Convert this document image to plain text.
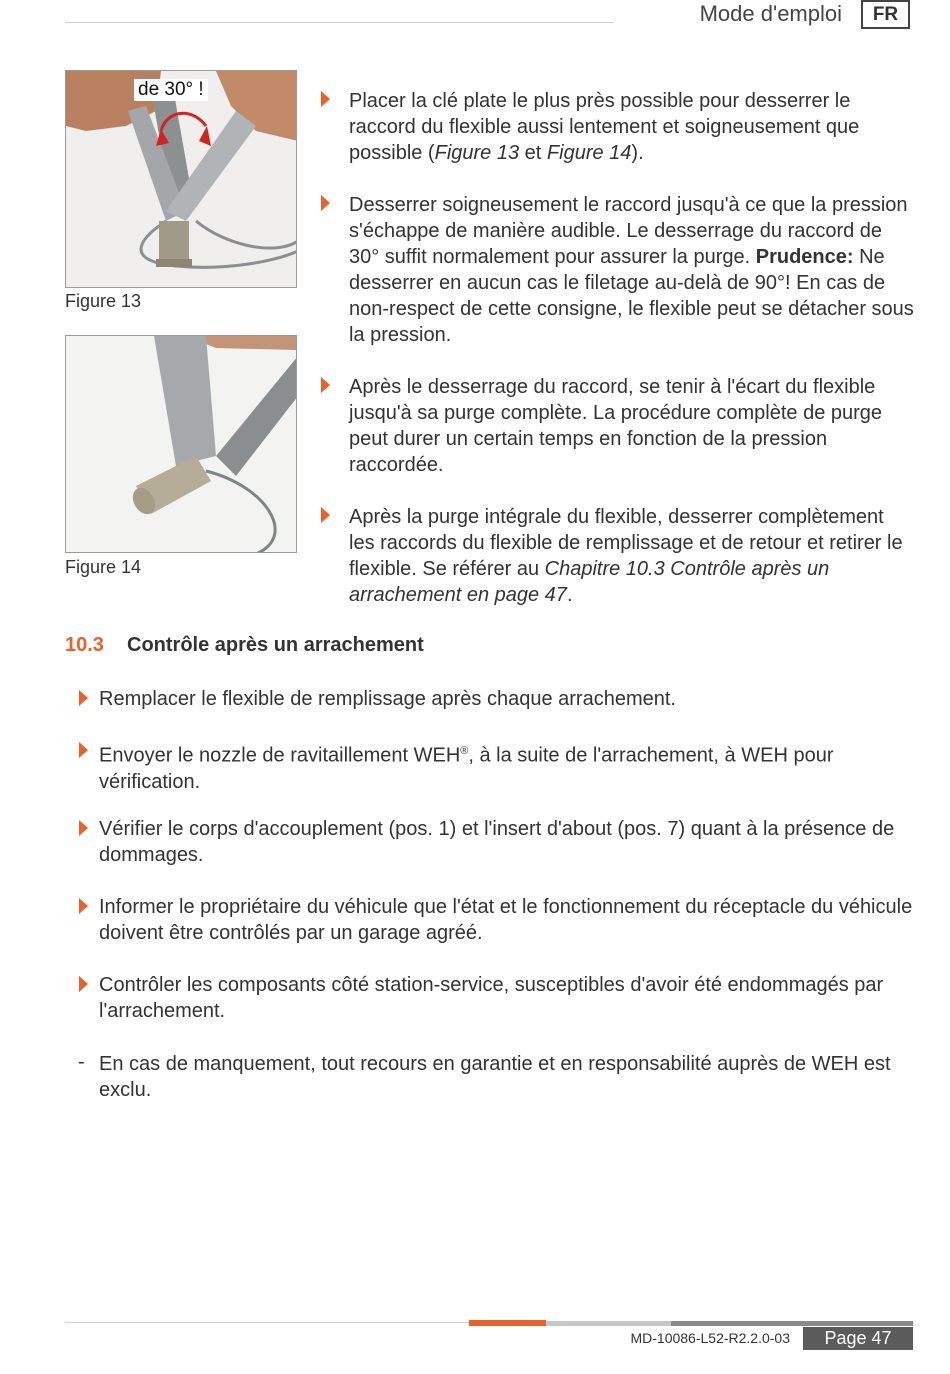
Mode d'emploi	FR
de 30° !
Figure 13
Figure 14
Placer la clé plate le plus près possible pour desserrer le raccord du flexible aussi lentement et soigneusement que possible (Figure 13 et Figure 14).
Desserrer soigneusement le raccord jusqu'à ce que la pression s'échappe de manière audible. Le desserrage du raccord de 30° suffit normalement pour assurer la purge. Prudence: Ne desserrer en aucun cas le filetage au-delà de 90°! En cas de non-respect de cette consigne, le flexible peut se détacher sous la pression.
Après le desserrage du raccord, se tenir à l'écart du flexible jusqu'à sa purge complète. La procédure complète de purge peut durer un certain temps en fonction de la pression raccordée.
Après la purge intégrale du flexible, desserrer complètement les raccords du flexible de remplissage et de retour et retirer le flexible. Se référer au Chapitre 10.3 Contrôle après un arrachement en page 47.
10.3 Contrôle après un arrachement
Remplacer le flexible de remplissage après chaque arrachement.
Envoyer le nozzle de ravitaillement WEH®, à la suite de l'arrachement, à WEH pour vérification.
Vérifier le corps d'accouplement (pos. 1) et l'insert d'about (pos. 7) quant à la présence de dommages.
Informer le propriétaire du véhicule que l'état et le fonctionnement du réceptacle du véhicule doivent être contrôlés par un garage agréé.
Contrôler les composants côté station-service, susceptibles d'avoir été endommagés par l'arrachement.
- En cas de manquement, tout recours en garantie et en responsabilité auprès de WEH est exclu.
MD-10086-L52-R2.2.0-03	Page 47
